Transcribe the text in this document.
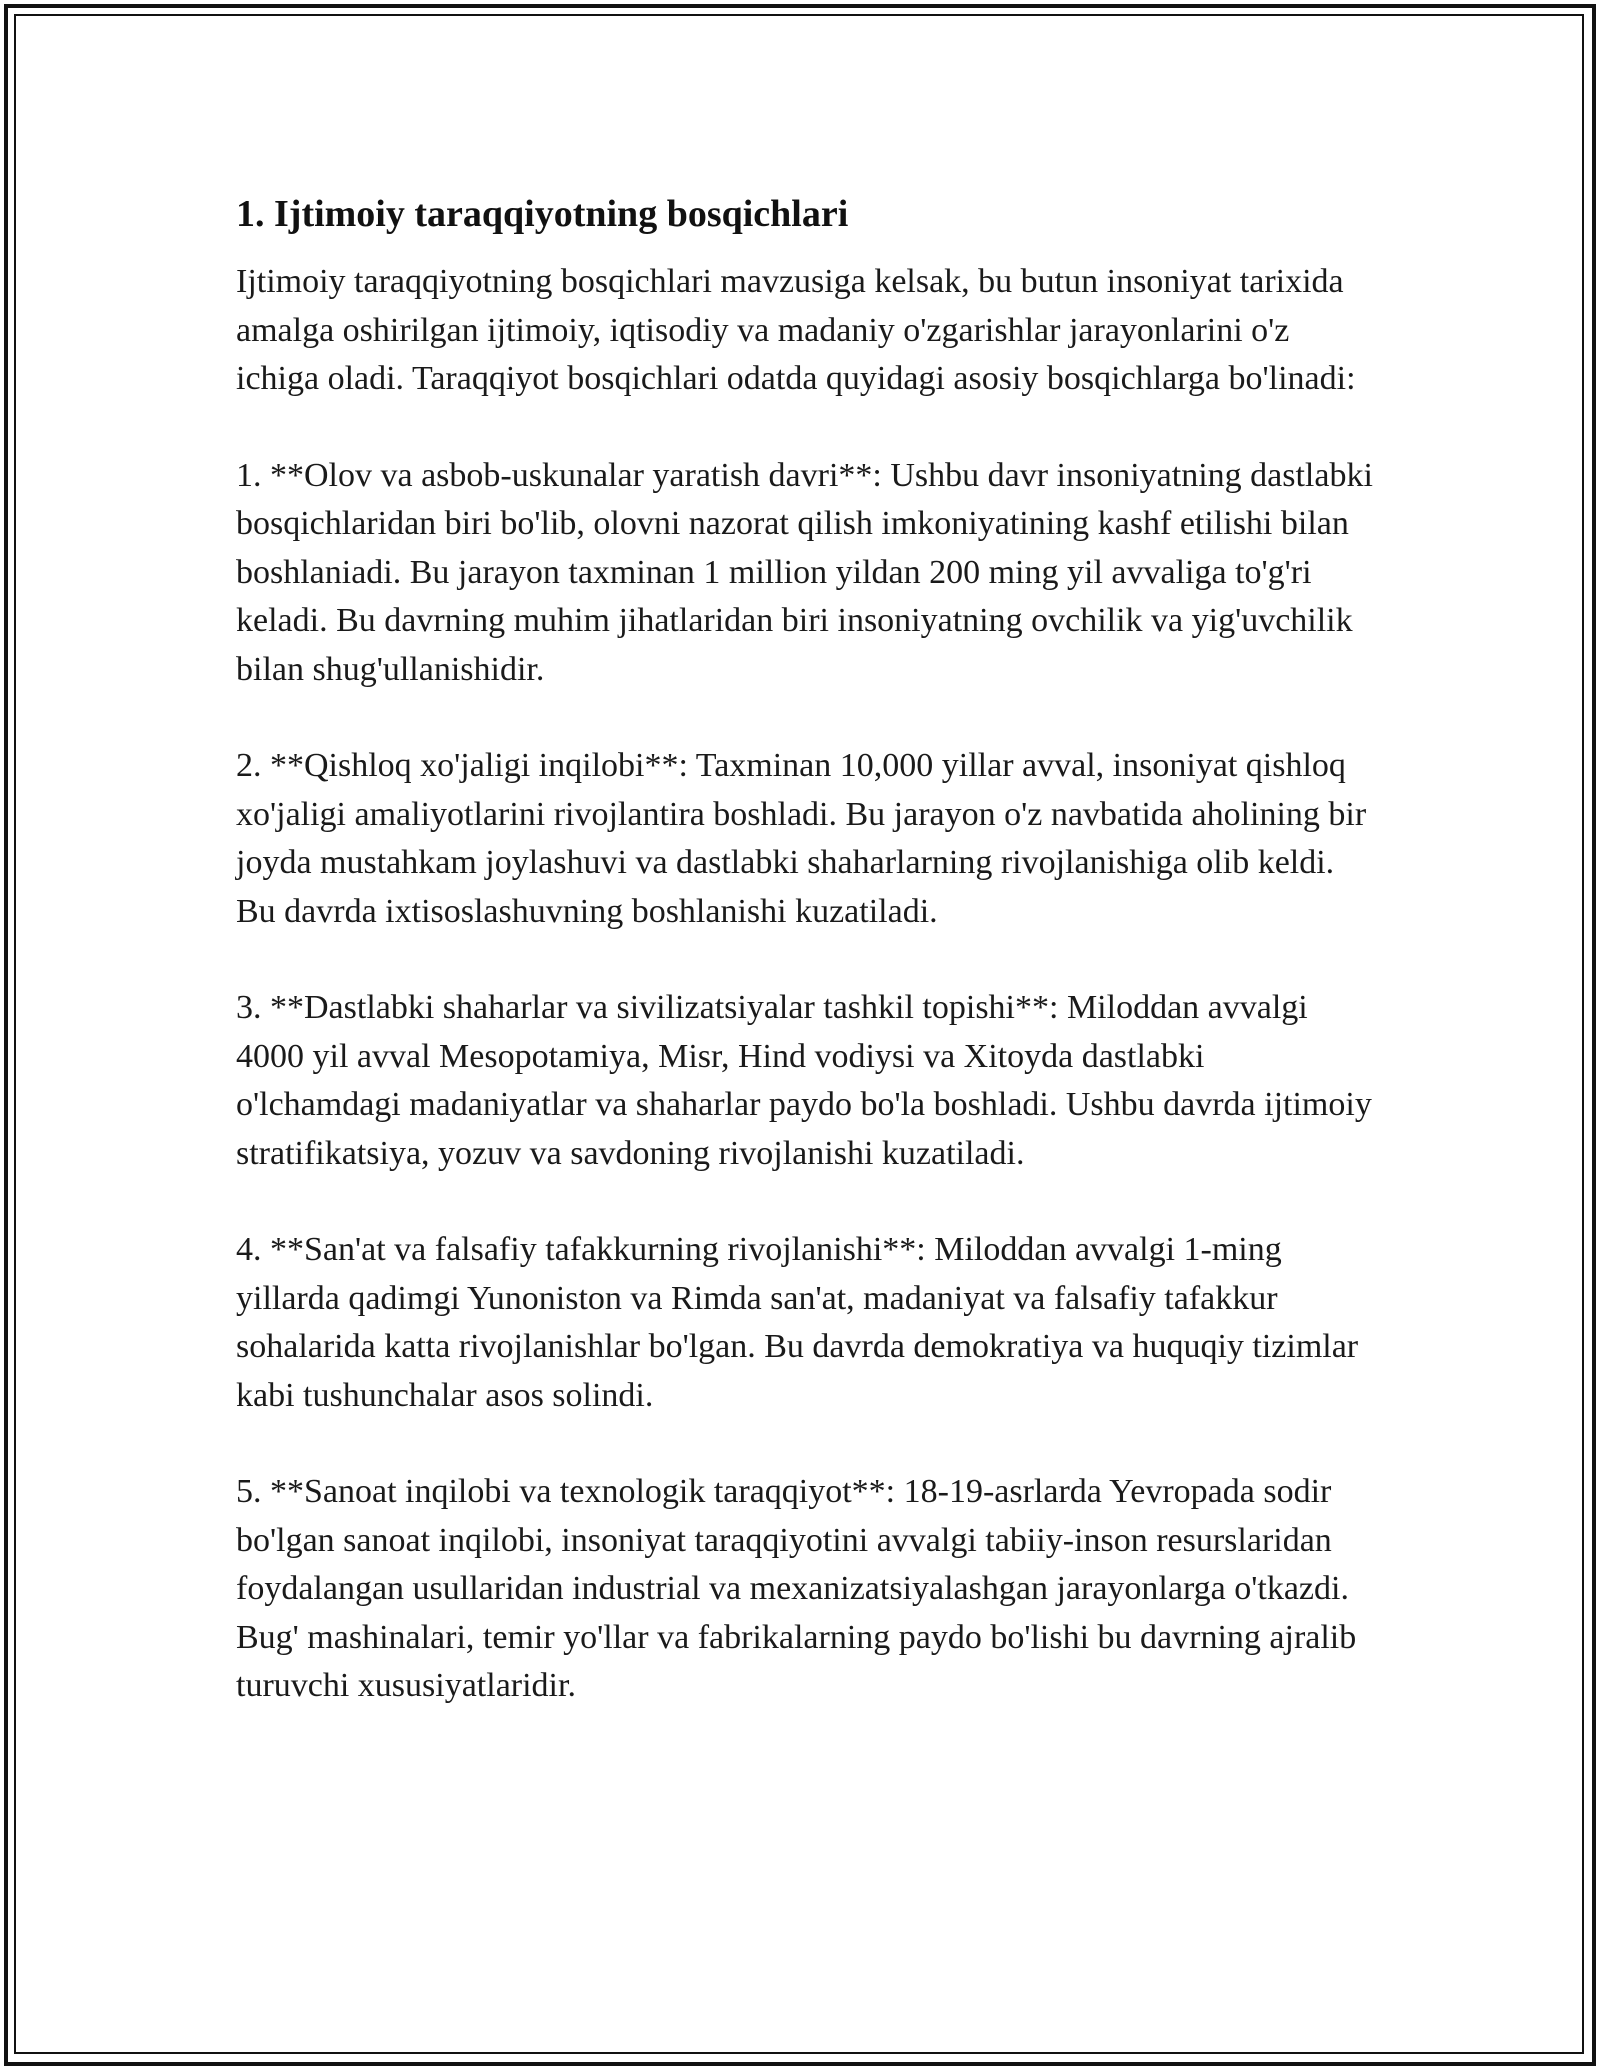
1. Ijtimoiy taraqqiyotning bosqichlari

Ijtimoiy taraqqiyotning bosqichlari mavzusiga kelsak, bu butun insoniyat tarixida amalga oshirilgan ijtimoiy, iqtisodiy va madaniy o'zgarishlar jarayonlarini o'z ichiga oladi. Taraqqiyot bosqichlari odatda quyidagi asosiy bosqichlarga bo'linadi:

1. **Olov va asbob-uskunalar yaratish davri**: Ushbu davr insoniyatning dastlabki bosqichlaridan biri bo'lib, olovni nazorat qilish imkoniyatining kashf etilishi bilan boshlaniadi. Bu jarayon taxminan 1 million yildan 200 ming yil avvaliga to'g'ri keladi. Bu davrning muhim jihatlaridan biri insoniyatning ovchilik va yig'uvchilik bilan shug'ullanishidir.

2. **Qishloq xo'jaligi inqilobi**: Taxminan 10,000 yillar avval, insoniyat qishloq xo'jaligi amaliyotlarini rivojlantira boshladi. Bu jarayon o'z navbatida aholining bir joyda mustahkam joylashuvi va dastlabki shaharlarning rivojlanishiga olib keldi. Bu davrda ixtisoslashuvning boshlanishi kuzatiladi.

3. **Dastlabki shaharlar va sivilizatsiyalar tashkil topishi**: Miloddan avvalgi 4000 yil avval Mesopotamiya, Misr, Hind vodiysi va Xitoyda dastlabki o'lchamdagi madaniyatlar va shaharlar paydo bo'la boshladi. Ushbu davrda ijtimoiy stratifikatsiya, yozuv va savdoning rivojlanishi kuzatiladi.

4. **San'at va falsafiy tafakkurning rivojlanishi**: Miloddan avvalgi 1-ming yillarda qadimgi Yunoniston va Rimda san'at, madaniyat va falsafiy tafakkur sohalarida katta rivojlanishlar bo'lgan. Bu davrda demokratiya va huquqiy tizimlar kabi tushunchalar asos solindi.

5. **Sanoat inqilobi va texnologik taraqqiyot**: 18-19-asrlarda Yevropada sodir bo'lgan sanoat inqilobi, insoniyat taraqqiyotini avvalgi tabiiy-inson resurslaridan foydalangan usullaridan industrial va mexanizatsiyalashgan jarayonlarga o'tkazdi. Bug' mashinalari, temir yo'llar va fabrikalarning paydo bo'lishi bu davrning ajralib turuvchi xususiyatlaridir.
